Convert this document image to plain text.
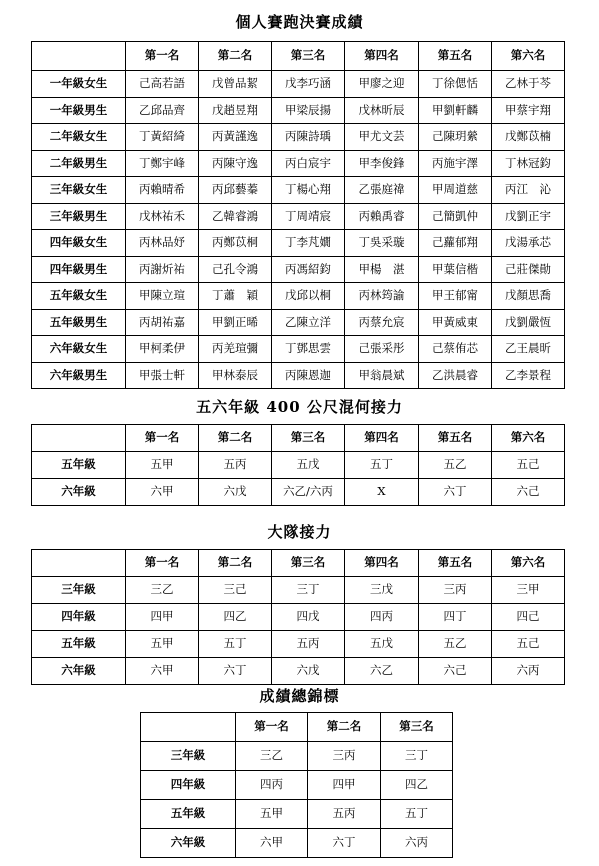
個人賽跑決賽成績
	第一名	第二名	第三名	第四名	第五名	第六名
一年級女生	己高若語	戊曾品絜	戊李巧涵	甲廖之迎	丁徐偲恬	乙林于芩
一年級男生	乙邱品齊	戊趙昱翔	甲梁辰揚	戊林昕辰	甲劉軒麟	甲蔡宇翔
二年級女生	丁黃紹綺	丙黃謹逸	丙陳詩瑀	甲尤文芸	己陳玥縈	戊鄭苡楠
二年級男生	丁鄭宇峰	丙陳守逸	丙白宸宇	甲李俊鋒	丙施宇澤	丁林冠鈞
三年級女生	丙賴晴希	丙邱藝蓁	丁楊心翔	乙張庭禕	甲周道慈	丙江　沁
三年級男生	戊林祐禾	乙韓睿鴻	丁周靖宸	丙賴禹睿	己簡凱仲	戊劉正宇
四年級女生	丙林品妤	丙鄭苡桐	丁李芃嫺	丁吳采璇	己蘿郁翔	戊湯承芯
四年級男生	丙謝炘祐	己孔令鴻	丙馮紹鈞	甲楊　湛	甲葉信楷	己莊傑勛
五年級女生	甲陳立瑄	丁蕭　穎	戊邱以桐	丙林筠諭	甲王郁甯	戊顏思喬
五年級男生	丙胡祐嘉	甲劉正晞	乙陳立洋	丙蔡允宸	甲黃威東	戊劉嚴恆
六年級女生	甲柯柔伊	丙羌瑄彌	丁鄧思雲	己張采彤	己蔡侑芯	乙王晨昕
六年級男生	甲張士軒	甲林泰辰	丙陳恩迦	甲翁晨斌	乙洪晨睿	乙李景程
五六年級 400 公尺混何接力
	第一名	第二名	第三名	第四名	第五名	第六名
五年級	五甲	五丙	五戊	五丁	五乙	五己
六年級	六甲	六戊	六乙/六丙	X	六丁	六己
大隊接力
	第一名	第二名	第三名	第四名	第五名	第六名
三年級	三乙	三己	三丁	三戊	三丙	三甲
四年級	四甲	四乙	四戊	四丙	四丁	四己
五年級	五甲	五丁	五丙	五戊	五乙	五己
六年級	六甲	六丁	六戊	六乙	六己	六丙
成績總錦標
	第一名	第二名	第三名
三年級	三乙	三丙	三丁
四年級	四丙	四甲	四乙
五年級	五甲	五丙	五丁
六年級	六甲	六丁	六丙
